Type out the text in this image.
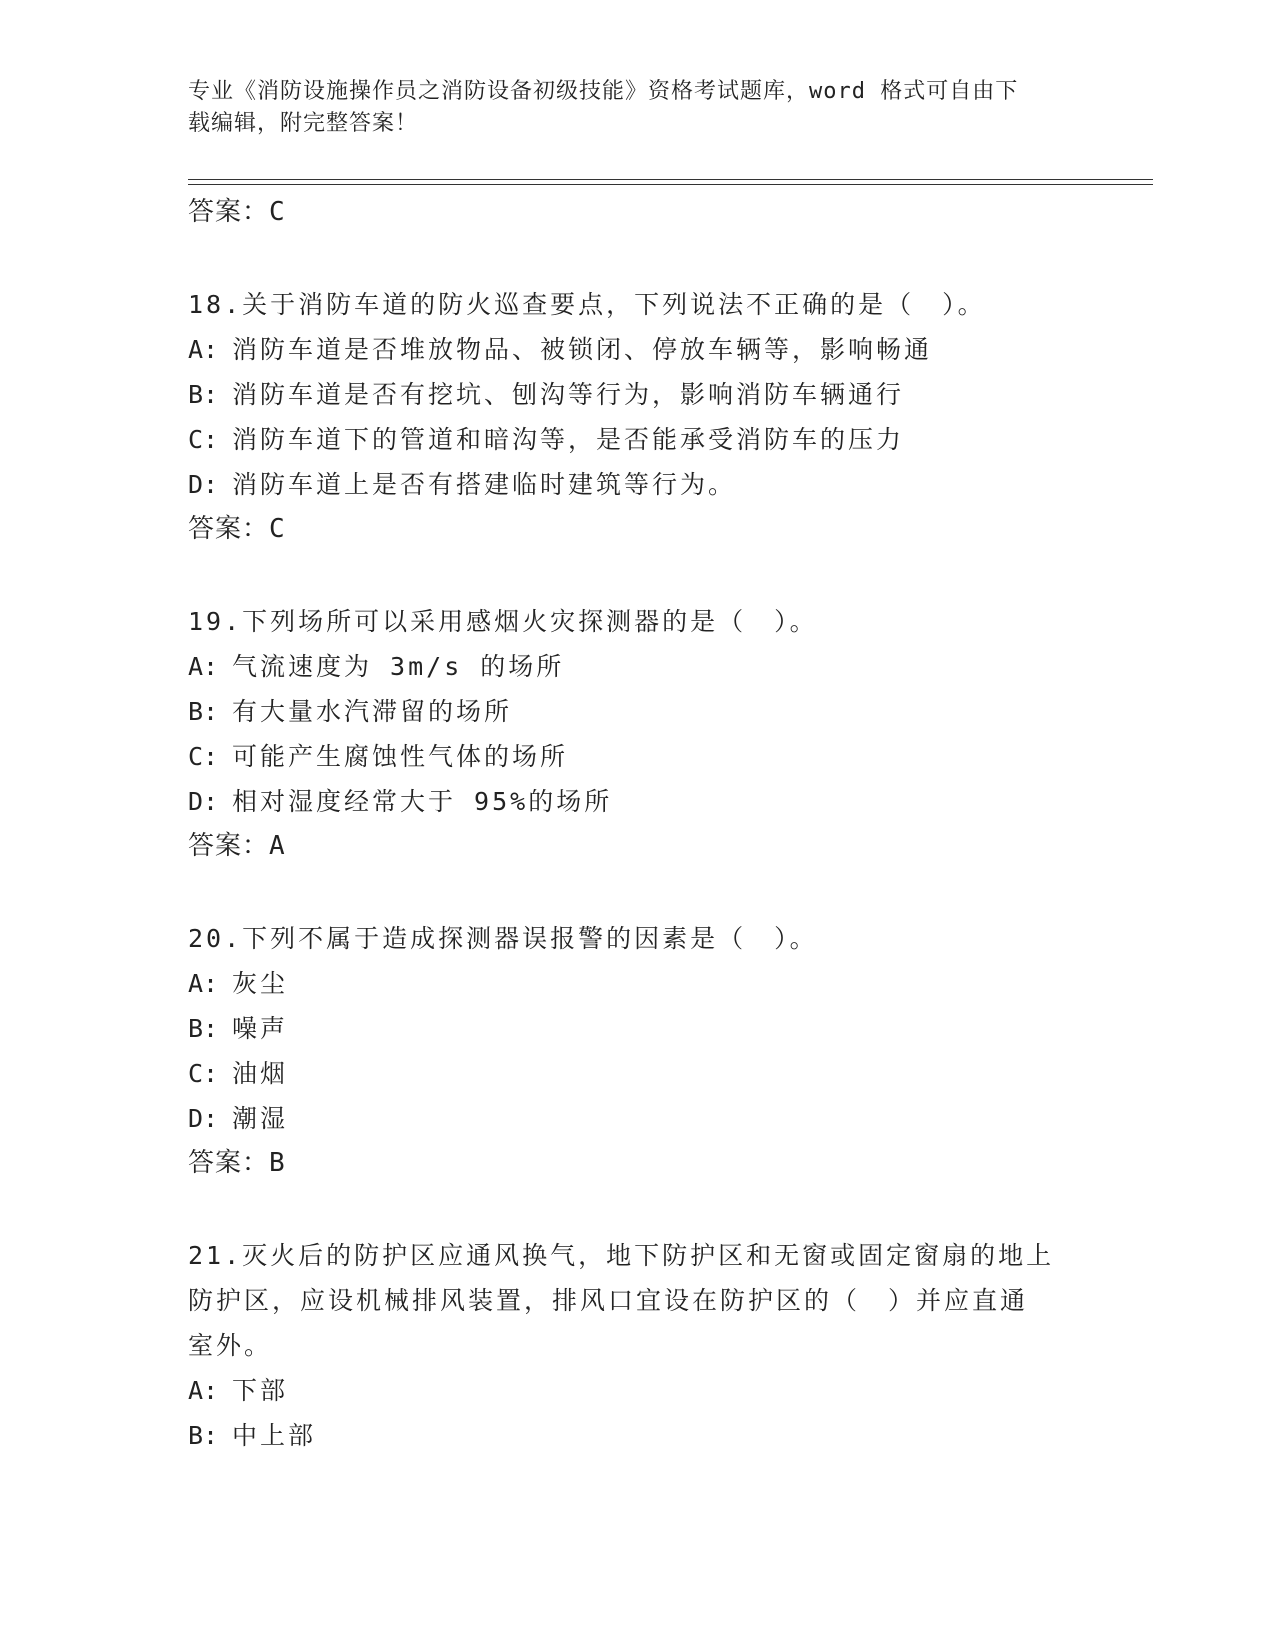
专业《消防设施操作员之消防设备初级技能》资格考试题库，word 格式可自由下
载编辑，附完整答案！
答案：C
18.关于消防车道的防火巡查要点，下列说法不正确的是（　）。
A: 消防车道是否堆放物品、被锁闭、停放车辆等，影响畅通
B: 消防车道是否有挖坑、刨沟等行为，影响消防车辆通行
C: 消防车道下的管道和暗沟等，是否能承受消防车的压力
D: 消防车道上是否有搭建临时建筑等行为。
答案：C
19.下列场所可以采用感烟火灾探测器的是（　）。
A: 气流速度为 3m/s 的场所
B: 有大量水汽滞留的场所
C: 可能产生腐蚀性气体的场所
D: 相对湿度经常大于 95%的场所
答案：A
20.下列不属于造成探测器误报警的因素是（　）。
A: 灰尘
B: 噪声
C: 油烟
D: 潮湿
答案：B
21.灭火后的防护区应通风换气，地下防护区和无窗或固定窗扇的地上
防护区，应设机械排风装置，排风口宜设在防护区的（　）并应直通
室外。
A: 下部
B: 中上部
